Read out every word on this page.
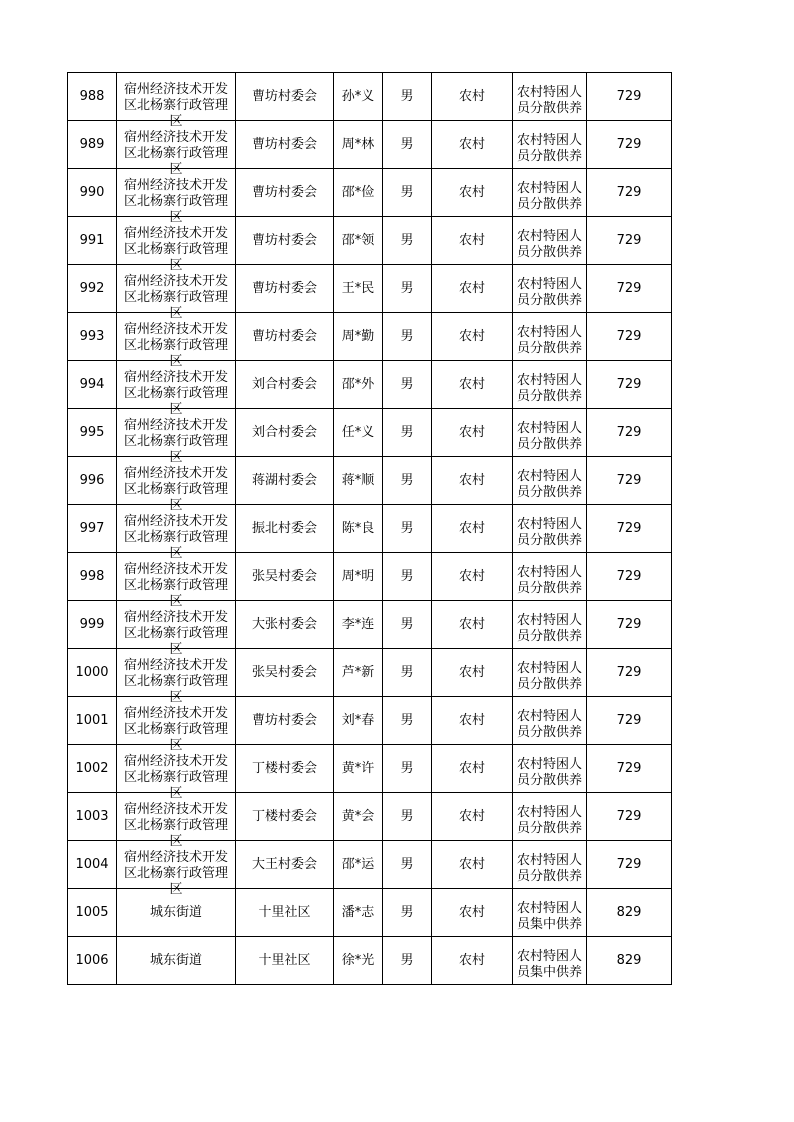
988	宿州经济技术开发区北杨寨行政管理区	曹坊村委会	孙*义	男	农村	农村特困人员分散供养	729

989	宿州经济技术开发区北杨寨行政管理区	曹坊村委会	周*林	男	农村	农村特困人员分散供养	729

990	宿州经济技术开发区北杨寨行政管理区	曹坊村委会	邵*俭	男	农村	农村特困人员分散供养	729

991	宿州经济技术开发区北杨寨行政管理区	曹坊村委会	邵*领	男	农村	农村特困人员分散供养	729

992	宿州经济技术开发区北杨寨行政管理区	曹坊村委会	王*民	男	农村	农村特困人员分散供养	729

993	宿州经济技术开发区北杨寨行政管理区	曹坊村委会	周*勤	男	农村	农村特困人员分散供养	729

994	宿州经济技术开发区北杨寨行政管理区	刘合村委会	邵*外	男	农村	农村特困人员分散供养	729

995	宿州经济技术开发区北杨寨行政管理区	刘合村委会	任*义	男	农村	农村特困人员分散供养	729

996	宿州经济技术开发区北杨寨行政管理区	蒋湖村委会	蒋*顺	男	农村	农村特困人员分散供养	729

997	宿州经济技术开发区北杨寨行政管理区	振北村委会	陈*良	男	农村	农村特困人员分散供养	729

998	宿州经济技术开发区北杨寨行政管理区	张吴村委会	周*明	男	农村	农村特困人员分散供养	729

999	宿州经济技术开发区北杨寨行政管理区	大张村委会	李*连	男	农村	农村特困人员分散供养	729

1000	宿州经济技术开发区北杨寨行政管理区	张吴村委会	芦*新	男	农村	农村特困人员分散供养	729

1001	宿州经济技术开发区北杨寨行政管理区	曹坊村委会	刘*春	男	农村	农村特困人员分散供养	729

1002	宿州经济技术开发区北杨寨行政管理区	丁楼村委会	黄*许	男	农村	农村特困人员分散供养	729

1003	宿州经济技术开发区北杨寨行政管理区	丁楼村委会	黄*会	男	农村	农村特困人员分散供养	729

1004	宿州经济技术开发区北杨寨行政管理区	大王村委会	邵*运	男	农村	农村特困人员分散供养	729

1005	城东街道	十里社区	潘*志	男	农村	农村特困人员集中供养	829

1006	城东街道	十里社区	徐*光	男	农村	农村特困人员集中供养	829
